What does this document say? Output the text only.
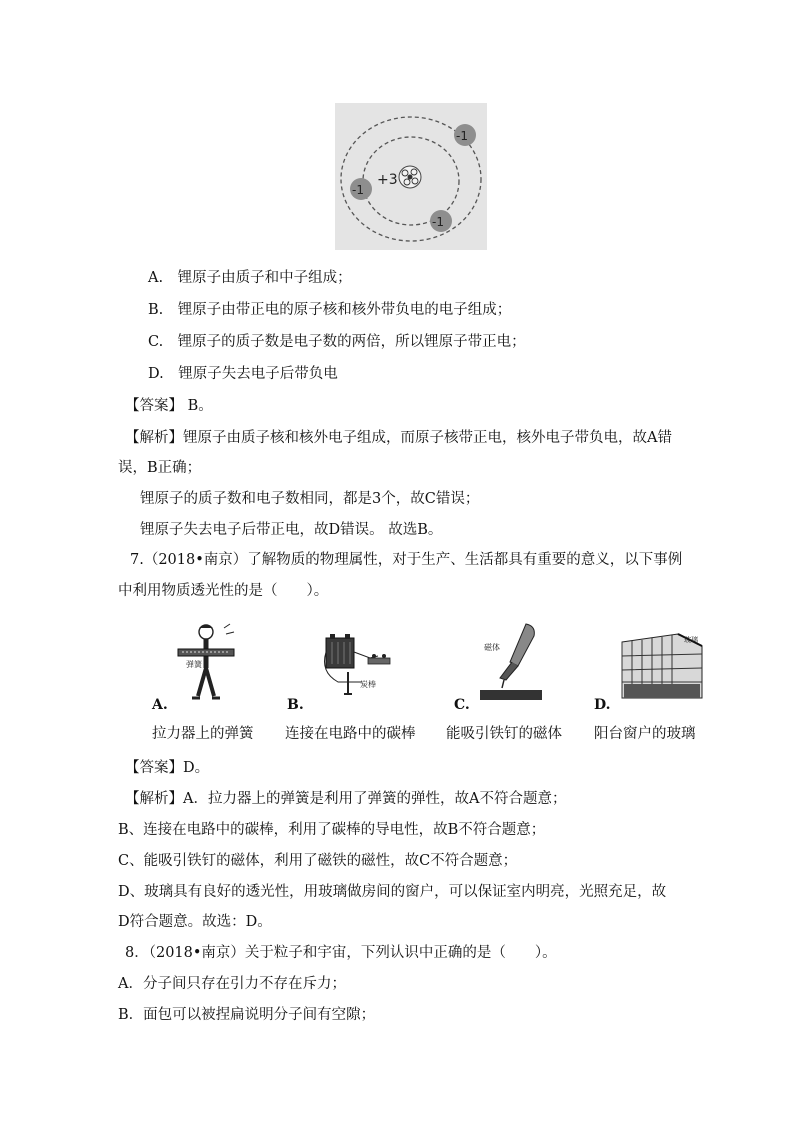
+3
-1
-1
-1
A.　锂原子由质子和中子组成；
B.　锂原子由带正电的原子核和核外带负电的电子组成；
C.　锂原子的质子数是电子数的两倍，所以锂原子带正电；
D.　锂原子失去电子后带负电
【答案】 B。
【解析】锂原子由质子核和核外电子组成，而原子核带正电，核外电子带负电，故A错
误，B正确；
锂原子的质子数和电子数相同，都是3个，故C错误；
锂原子失去电子后带正电，故D错误。 故选B。
7.（2018•南京）了解物质的物理属性，对于生产、生活都具有重要的意义，以下事例
中利用物质透光性的是（　　）。
弹簧
炭棒
磁体
玻璃
A.	B.	C.	D.
拉力器上的弹簧 连接在电路中的碳棒 能吸引铁钉的磁体 阳台窗户的玻璃
【答案】D。
【解析】A．拉力器上的弹簧是利用了弹簧的弹性，故A不符合题意；
B、连接在电路中的碳棒，利用了碳棒的导电性，故B不符合题意；
C、能吸引铁钉的磁体，利用了磁铁的磁性，故C不符合题意；
D、玻璃具有良好的透光性，用玻璃做房间的窗户，可以保证室内明亮，光照充足，故
D符合题意。故选：D。
8．（2018•南京）关于粒子和宇宙，下列认识中正确的是（　　）。
A．分子间只存在引力不存在斥力；
B．面包可以被捏扁说明分子间有空隙；
